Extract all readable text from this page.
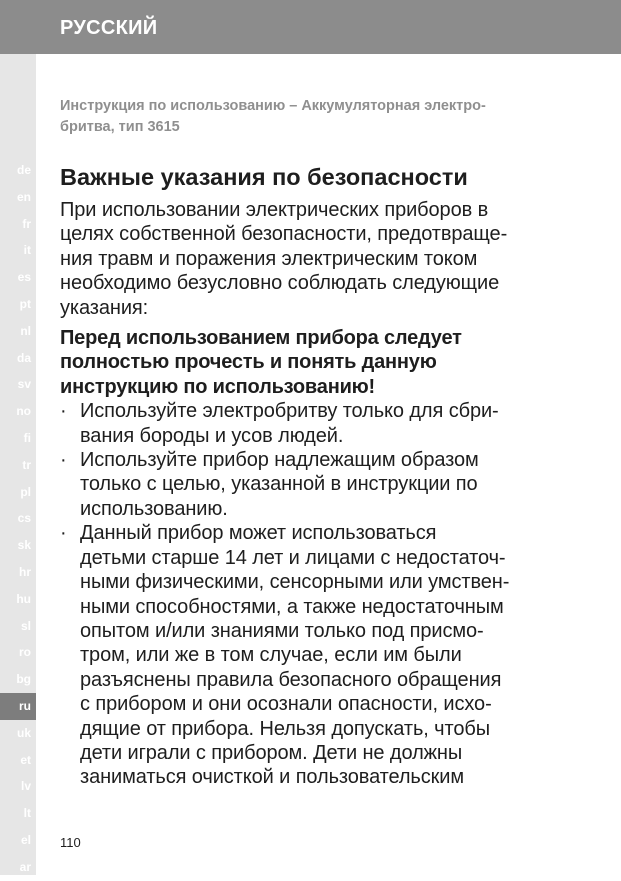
РУССКИЙ
de
en
fr
it
es
pt
nl
da
sv
no
fi
tr
pl
cs
sk
hr
hu
sl
ro
bg
ru
uk
et
lv
lt
el
ar

Инструкция по использованию – Аккумуляторная электро-
бритва, тип 3615

Важные указания по безопасности

При использовании электрических приборов в
целях собственной безопасности, предотвраще-
ния травм и поражения электрическим током
необходимо безусловно соблюдать следующие
указания:

Перед использованием прибора следует
полностью прочесть и понять данную
инструкцию по использованию!

· Используйте электробритву только для сбри-
вания бороды и усов людей.
· Используйте прибор надлежащим образом
только с целью, указанной в инструкции по
использованию.
· Данный прибор может использоваться
детьми старше 14 лет и лицами с недостаточ-
ными физическими, сенсорными или умствен-
ными способностями, а также недостаточным
опытом и/или знаниями только под присмо-
тром, или же в том случае, если им были
разъяснены правила безопасного обращения
с прибором и они осознали опасности, исхо-
дящие от прибора. Нельзя допускать, чтобы
дети играли с прибором. Дети не должны
заниматься очисткой и пользовательским
110
